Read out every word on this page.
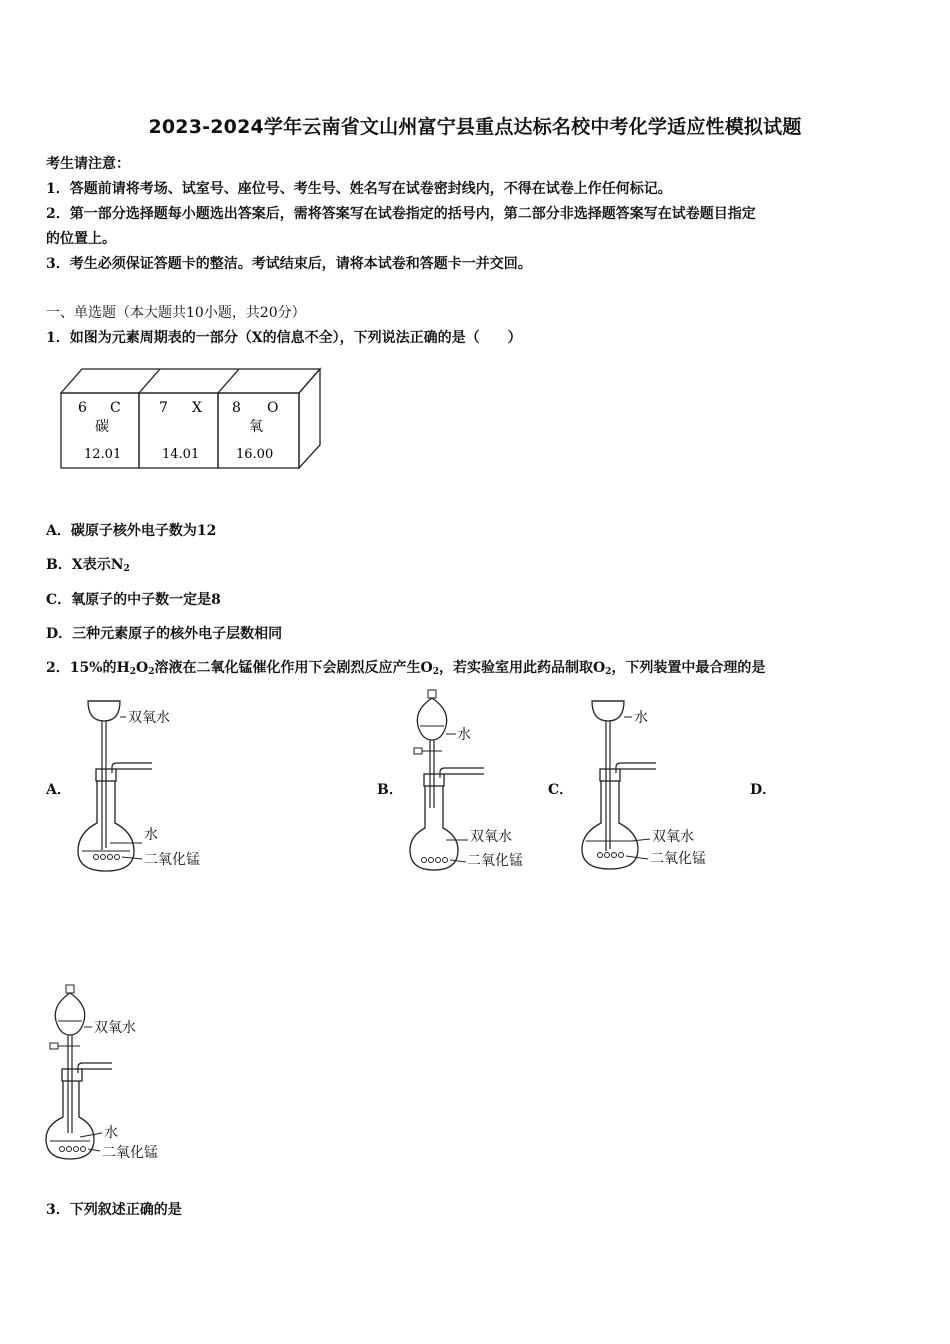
2023-2024学年云南省文山州富宁县重点达标名校中考化学适应性模拟试题
考生请注意：
1．答题前请将考场、试室号、座位号、考生号、姓名写在试卷密封线内，不得在试卷上作任何标记。
2．第一部分选择题每小题选出答案后，需将答案写在试卷指定的括号内，第二部分非选择题答案写在试卷题目指定
的位置上。
3．考生必须保证答题卡的整洁。考试结束后，请将本试卷和答题卡一并交回。
一、单选题（本大题共10小题，共20分）
1．如图为元素周期表的一部分（X的信息不全），下列说法正确的是（　　）
6 C
碳
12.01
7 X
14.01
8 O
氧
16.00
A．碳原子核外电子数为12
B．X表示$N_2$
C．氧原子的中子数一定是8
D．三种元素原子的核外电子层数相同
2．15%的$H_2O_2$溶液在二氧化锰催化作用下会剧烈反应产生$O_2$，若实验室用此药品制取$O_2$，下列装置中最合理的是
A．	B．	C．	D．
双氧水
水
二氧化锰
水
双氧水
二氧化锰
水
双氧水
二氧化锰
双氧水
水
二氧化锰
3．下列叙述正确的是
